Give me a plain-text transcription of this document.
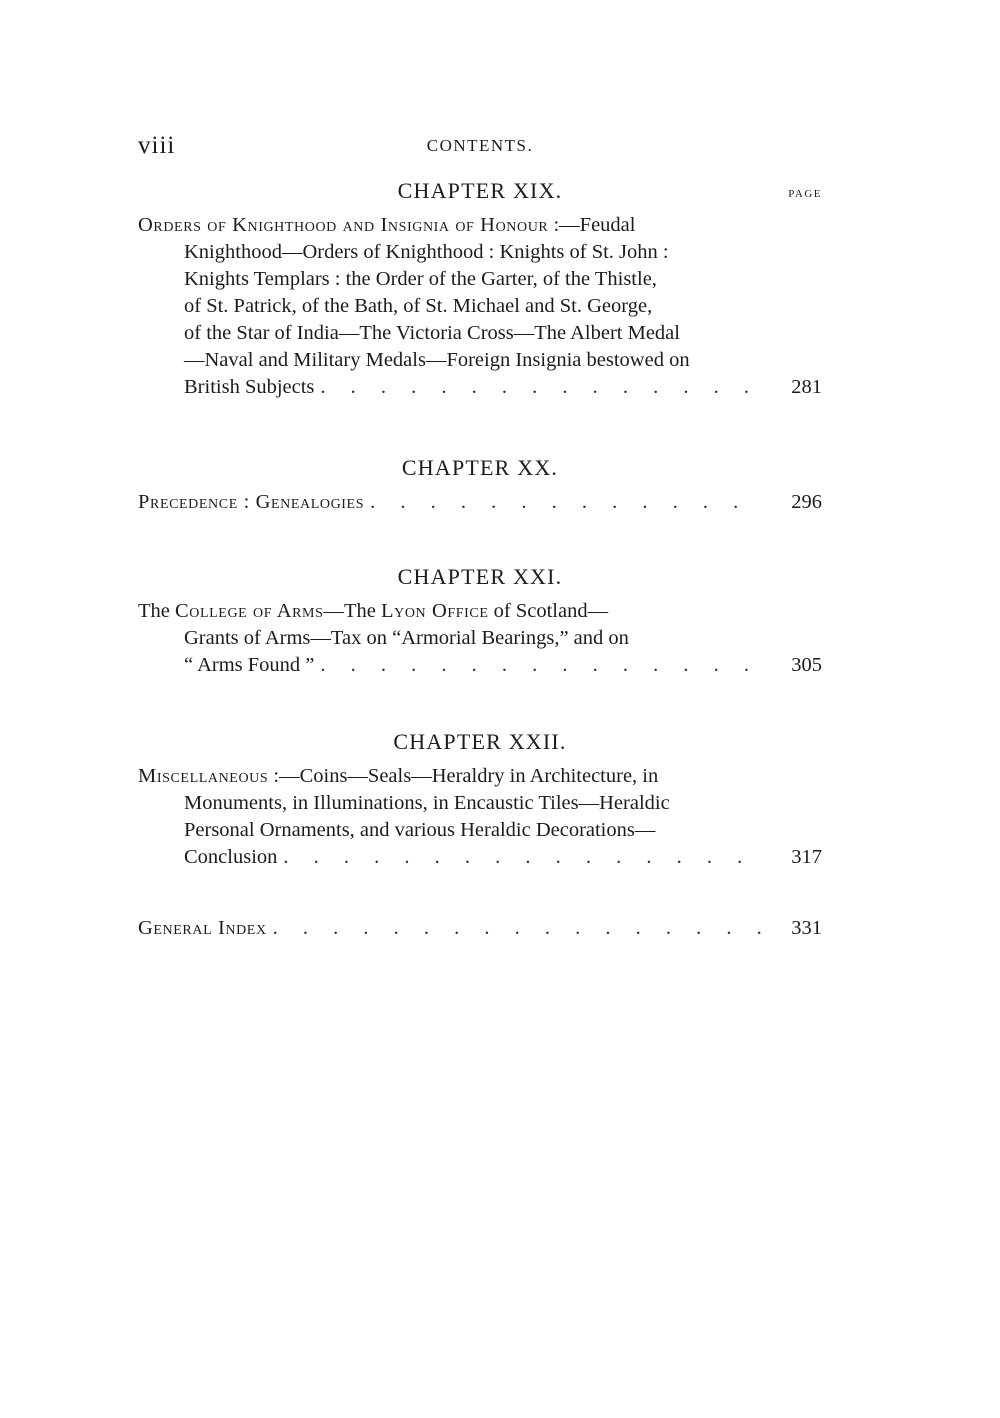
viii	CONTENTS.
CHAPTER XIX.	PAGE
Orders of Knighthood and Insignia of Honour :—Feudal
Knighthood—Orders of Knighthood : Knights of St. John :
Knights Templars : the Order of the Garter, of the Thistle,
of St. Patrick, of the Bath, of St. Michael and St. George,
of the Star of India—The Victoria Cross—The Albert Medal
—Naval and Military Medals—Foreign Insignia bestowed on
British Subjects . . .	281
CHAPTER XX.
Precedence : Genealogies . . .	296
CHAPTER XXI.
The College of Arms—The Lyon Office of Scotland—
Grants of Arms—Tax on “Armorial Bearings,” and on
“ Arms Found ” . . .	305
CHAPTER XXII.
Miscellaneous :—Coins—Seals—Heraldry in Architecture, in
Monuments, in Illuminations, in Encaustic Tiles—Heraldic
Personal Ornaments, and various Heraldic Decorations—
Conclusion . . .	317
General Index . . .	331
